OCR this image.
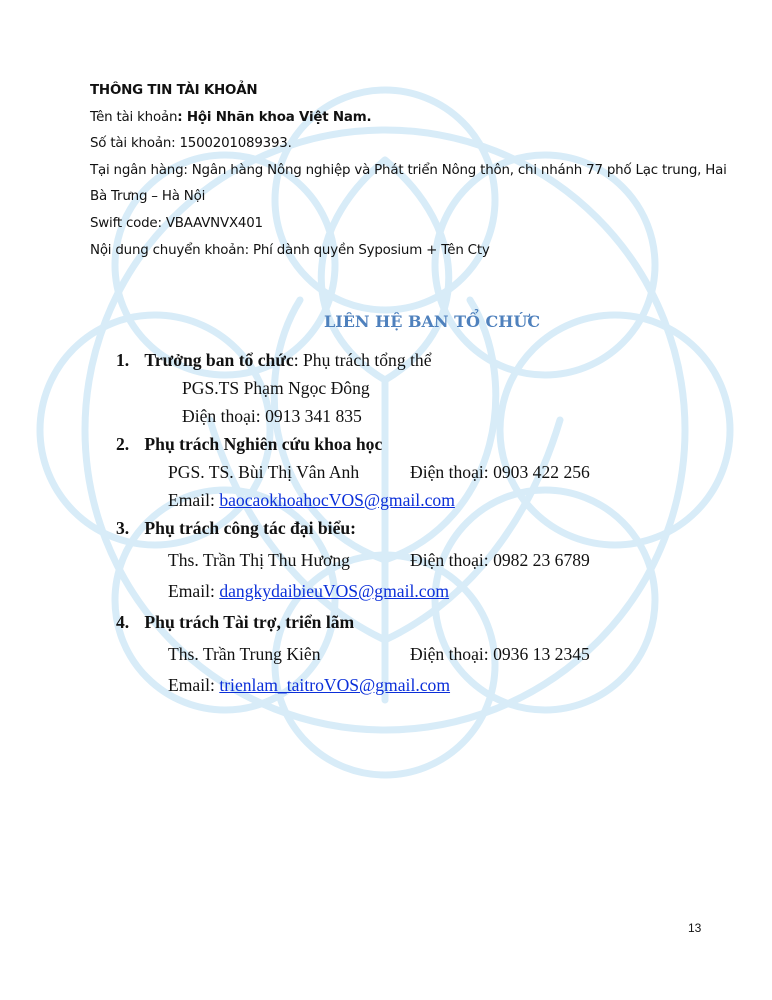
THÔNG TIN TÀI KHOẢN
Tên tài khoản: Hội Nhãn khoa Việt Nam.
Số tài khoản: 1500201089393.
Tại ngân hàng: Ngân hàng Nông nghiệp và Phát triển Nông thôn, chi nhánh 77 phố Lạc trung, Hai
Bà Trưng – Hà Nội
Swift code: VBAAVNVX401
Nội dung chuyển khoản: Phí dành quyền Syposium + Tên Cty
LIÊN HỆ BAN TỔ CHỨC
1. Trưởng ban tổ chức: Phụ trách tổng thể
PGS.TS Phạm Ngọc Đông
Điện thoại: 0913 341 835
2. Phụ trách Nghiên cứu khoa học
PGS. TS. Bùi Thị Vân Anh	Điện thoại: 0903 422 256
Email: baocaokhoahocVOS@gmail.com
3. Phụ trách công tác đại biểu:
Ths. Trần Thị Thu Hương	Điện thoại: 0982 23 6789
Email: dangkydaibieuVOS@gmail.com
4. Phụ trách Tài trợ, triển lãm
Ths. Trần Trung Kiên	Điện thoại: 0936 13 2345
Email: trienlam_taitroVOS@gmail.com
13
